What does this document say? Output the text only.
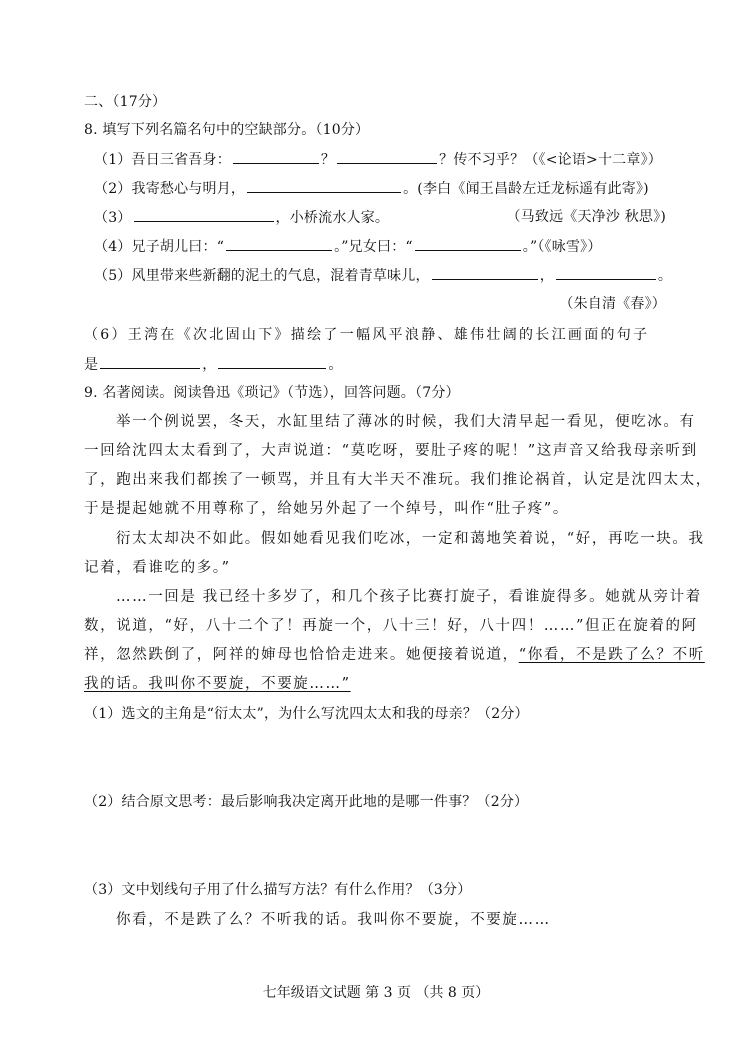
二、（17分）
8. 填写下列名篇名句中的空缺部分。（10分）
（1）吾日三省吾身：	？	？传不习乎？（《<论语>十二章》）
（2）我寄愁心与明月，	。(李白《闻王昌龄左迁龙标遥有此寄》)
（3）	，小桥流水人家。	（马致远《天净沙 秋思》)
（4）兄子胡儿曰：“	。”兄女曰：“	。”（《咏雪》）
（5）风里带来些新翻的泥土的气息，混着青草味儿，	，	。
（朱自清《春》）
（6）王湾在《次北固山下》描绘了一幅风平浪静、雄伟壮阔的长江画面的句子
是	，	。
9. 名著阅读。阅读鲁迅《琐记》（节选），回答问题。（7分）
举一个例说罢，冬天，水缸里结了薄冰的时候，我们大清早起一看见，便吃冰。有
一回给沈四太太看到了，大声说道：“莫吃呀，要肚子疼的呢！”这声音又给我母亲听到
了，跑出来我们都挨了一顿骂，并且有大半天不准玩。我们推论祸首，认定是沈四太太，
于是提起她就不用尊称了，给她另外起了一个绰号，叫作“肚子疼”。
衍太太却决不如此。假如她看见我们吃冰，一定和蔼地笑着说，“好，再吃一块。我
记着，看谁吃的多。”
……一回是 我已经十多岁了，和几个孩子比赛打旋子，看谁旋得多。她就从旁计着
数，说道，“好，八十二个了！再旋一个，八十三！好，八十四！……”但正在旋着的阿
祥，忽然跌倒了，阿祥的婶母也恰恰走进来。她便接着说道，“你看，不是跌了么？不听
我的话。我叫你不要旋，不要旋……”
（1）选文的主角是“衍太太”，为什么写沈四太太和我的母亲？（2分）
（2）结合原文思考：最后影响我决定离开此地的是哪一件事？（2分）
（3）文中划线句子用了什么描写方法？有什么作用？（3分）
你看，不是跌了么？不听我的话。我叫你不要旋，不要旋……
七年级语文试题 第 3 页 （共 8 页）
